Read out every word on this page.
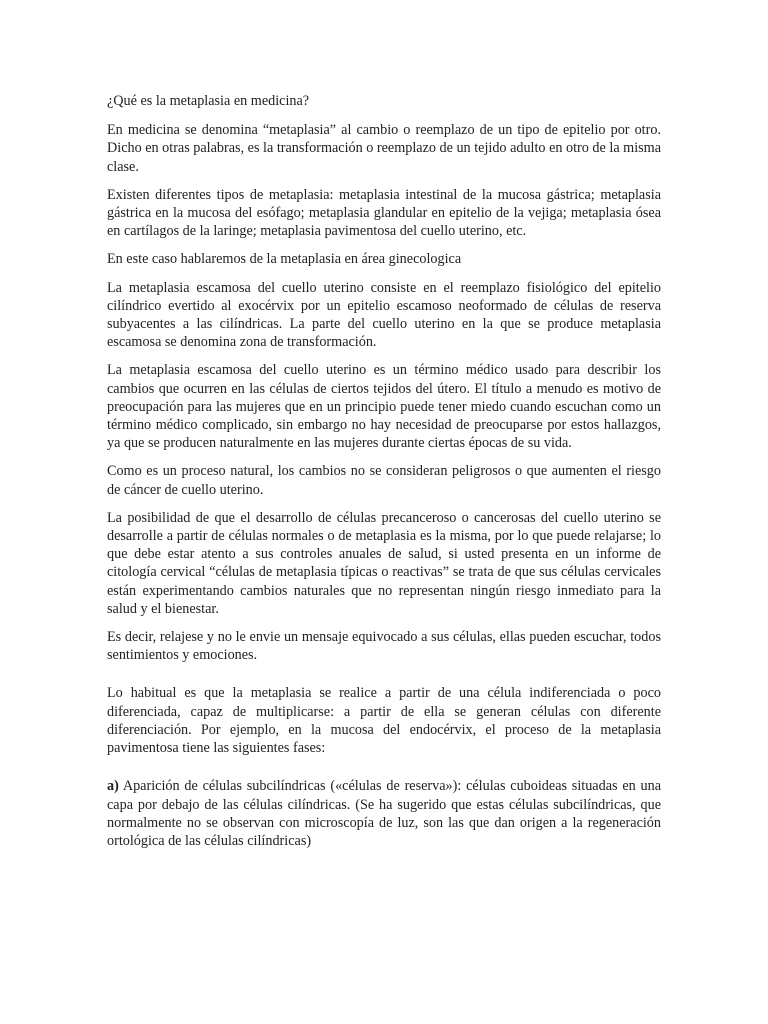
¿Qué es la metaplasia en medicina?

En medicina se denomina “metaplasia” al cambio o reemplazo de un tipo de epitelio por otro. Dicho en otras palabras, es la transformación o reemplazo de un tejido adulto en otro de la misma clase.

Existen diferentes tipos de metaplasia: metaplasia intestinal de la mucosa gástrica; metaplasia gástrica en la mucosa del esófago; metaplasia glandular en epitelio de la vejiga; metaplasia ósea en cartílagos de la laringe; metaplasia pavimentosa del cuello uterino, etc.

En este caso hablaremos de la metaplasia en área ginecologica

La metaplasia escamosa del cuello uterino consiste en el reemplazo fisiológico del epitelio cilíndrico evertido al exocérvix por un epitelio escamoso neoformado de células de reserva subyacentes a las cilíndricas. La parte del cuello uterino en la que se produce metaplasia escamosa se denomina zona de transformación.

La metaplasia escamosa del cuello uterino es un término médico usado para describir los cambios que ocurren en las células de ciertos tejidos del útero. El título a menudo es motivo de preocupación para las mujeres que en un principio puede tener miedo cuando escuchan como un término médico complicado, sin embargo no hay necesidad de preocuparse por estos hallazgos, ya que se producen naturalmente en las mujeres durante ciertas épocas de su vida.

Como es un proceso natural, los cambios no se consideran peligrosos o que aumenten el riesgo de cáncer de cuello uterino.

La posibilidad de que el desarrollo de células precanceroso o cancerosas del cuello uterino se desarrolle a partir de células normales o de metaplasia es la misma, por lo que puede relajarse; lo que debe estar atento a sus controles anuales de salud, si usted presenta en un informe de citología cervical “células de metaplasia típicas o reactivas” se trata de que sus células cervicales están experimentando cambios naturales que no representan ningún riesgo inmediato para la salud y el bienestar.

Es decir, relajese y no le envie un mensaje equivocado a sus células, ellas pueden escuchar, todos sentimientos y emociones.

Lo habitual es que la metaplasia se realice a partir de una célula indiferenciada o poco diferenciada, capaz de multiplicarse: a partir de ella se generan células con diferente diferenciación. Por ejemplo, en la mucosa del endocérvix, el proceso de la metaplasia pavimentosa tiene las siguientes fases:

a) Aparición de células subcilíndricas («células de reserva»): células cuboideas situadas en una capa por debajo de las células cilíndricas. (Se ha sugerido que estas células subcilíndricas, que normalmente no se observan con microscopía de luz, son las que dan origen a la regeneración ortológica de las células cilíndricas)
